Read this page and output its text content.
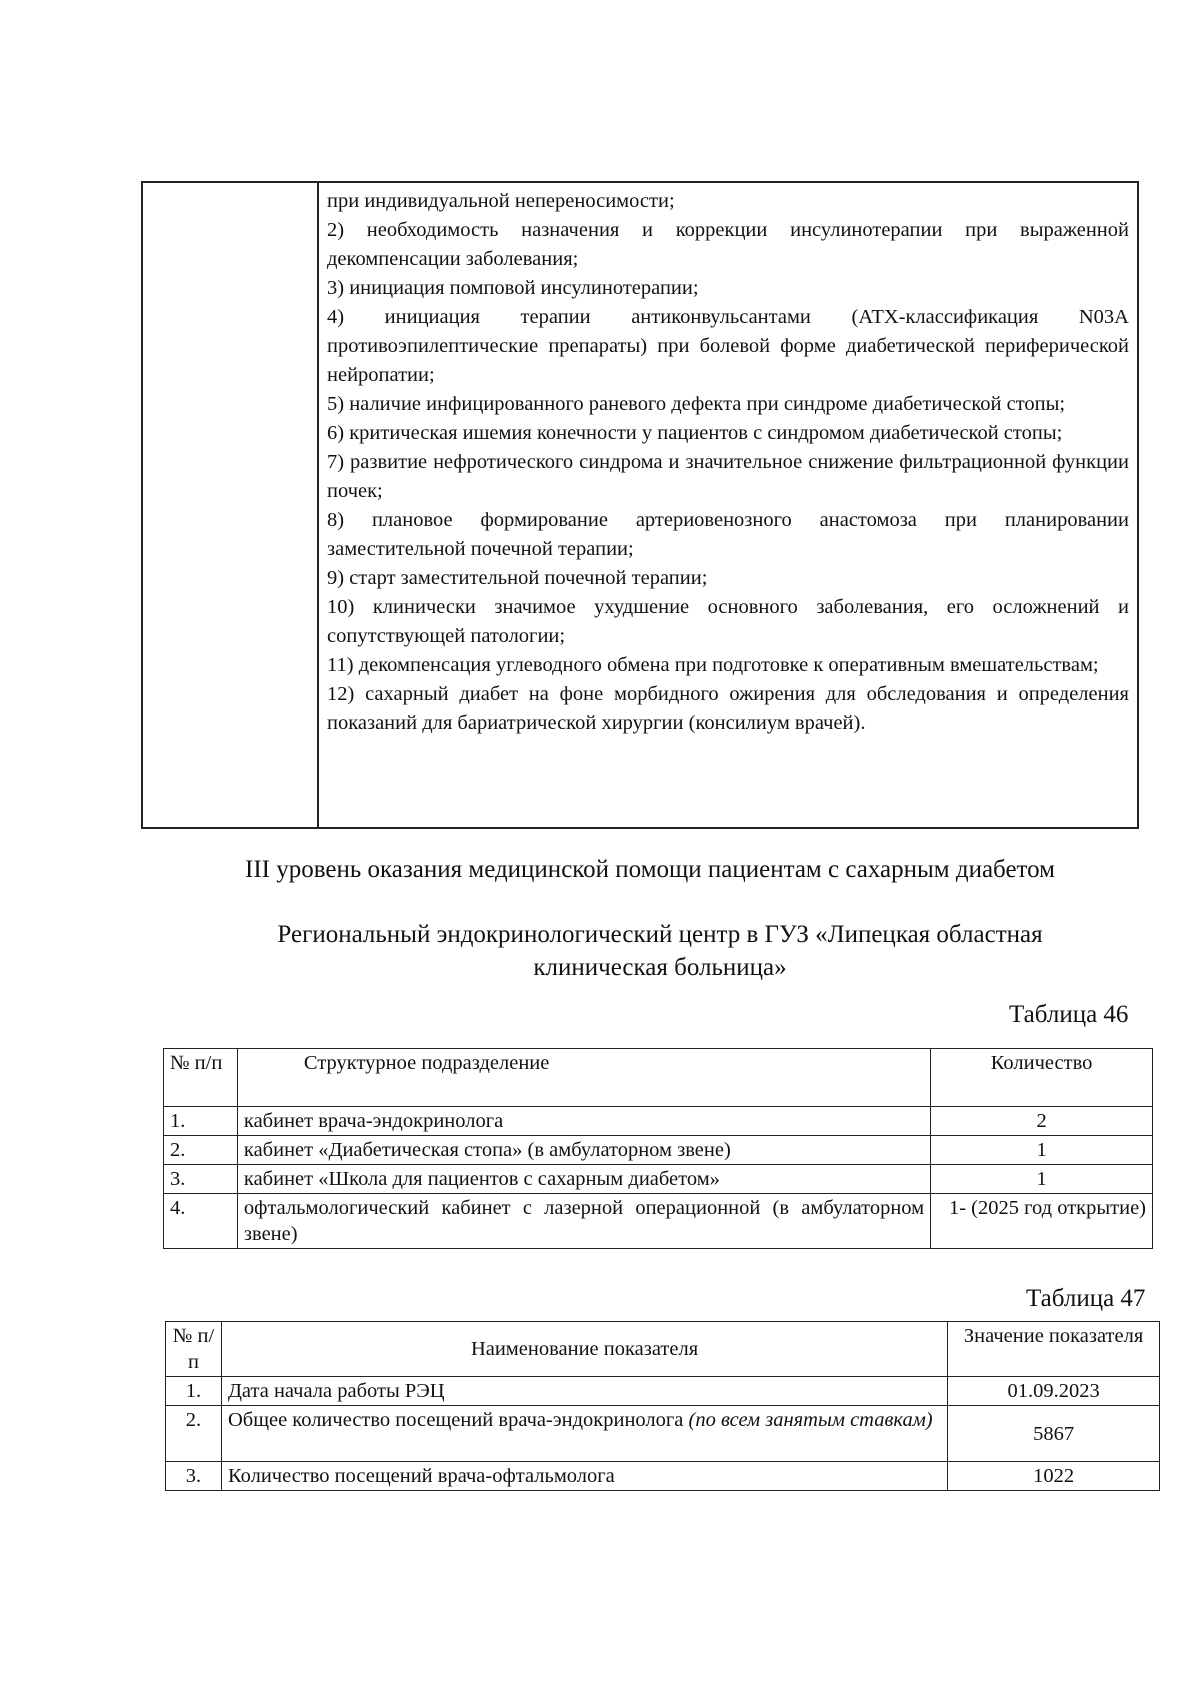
при индивидуальной непереносимости;

2) необходимость назначения и коррекции инсулинотерапии при выраженной декомпенсации заболевания;

3) инициация помповой инсулинотерапии;

4) инициация терапии антиконвульсантами (АТХ-классификация N03A противоэпилептические препараты) при болевой форме диабетической периферической нейропатии;

5) наличие инфицированного раневого дефекта при синдроме диабетической стопы;

6) критическая ишемия конечности у пациентов с синдромом диабетической стопы;

7) развитие нефротического синдрома и значительное снижение фильтрационной функции почек;

8) плановое формирование артериовенозного анастомоза при планировании заместительной почечной терапии;

9) старт заместительной почечной терапии;

10) клинически значимое ухудшение основного заболевания, его осложнений и сопутствующей патологии;

11) декомпенсация углеводного обмена при подготовке к оперативным вмешательствам;

12) сахарный диабет на фоне морбидного ожирения для обследования и определения показаний для бариатрической хирургии (консилиум врачей).

III уровень оказания медицинской помощи пациентам с сахарным диабетом
Региональный эндокринологический центр в ГУЗ «Липецкая областная клиническая больница»
Таблица 46
№ п/п	Структурное подразделение	Количество
1.	кабинет врача-эндокринолога	2
2.	кабинет «Диабетическая стопа» (в амбулаторном звене)	1
3.	кабинет «Школа для пациентов с сахарным диабетом»	1
4.	офтальмологический кабинет с лазерной операционной (в амбулаторном звене)	1- (2025 год открытие)
Таблица 47
№ п/п	Наименование показателя	Значение показателя
1.	Дата начала работы РЭЦ	01.09.2023
2.	Общее количество посещений врача-эндокринолога (по всем занятым ставкам)	5867
3.	Количество посещений врача-офтальмолога	1022
